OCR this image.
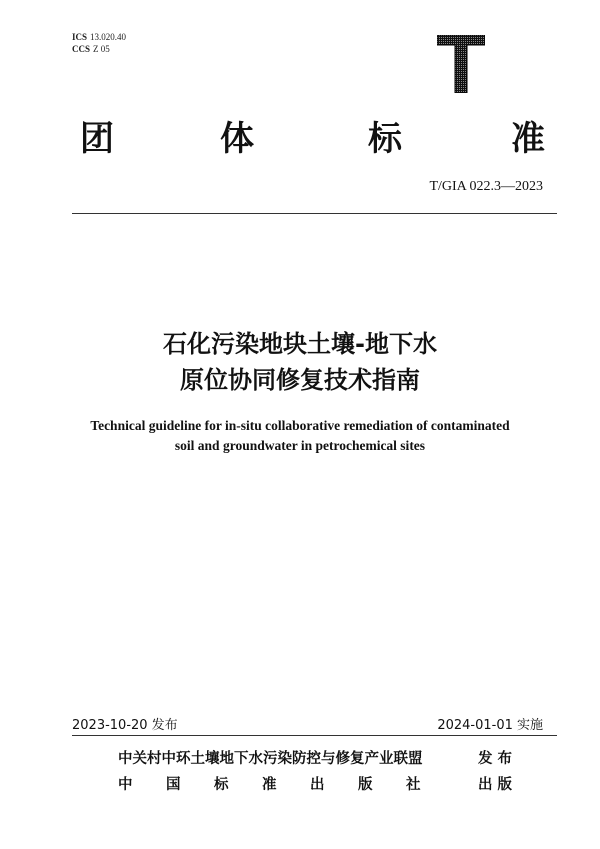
ICS 13.020.40
CCS Z 05
团	体	标	准
T/GIA 022.3—2023
石化污染地块土壤-地下水
原位协同修复技术指南
Technical guideline for in-situ collaborative remediation of contaminated
soil and groundwater in petrochemical sites
2023-10-20 发布	2024-01-01 实施
中关村中环土壤地下水污染防控与修复产业联盟	发 布
中 国 标 准 出 版 社	出 版
